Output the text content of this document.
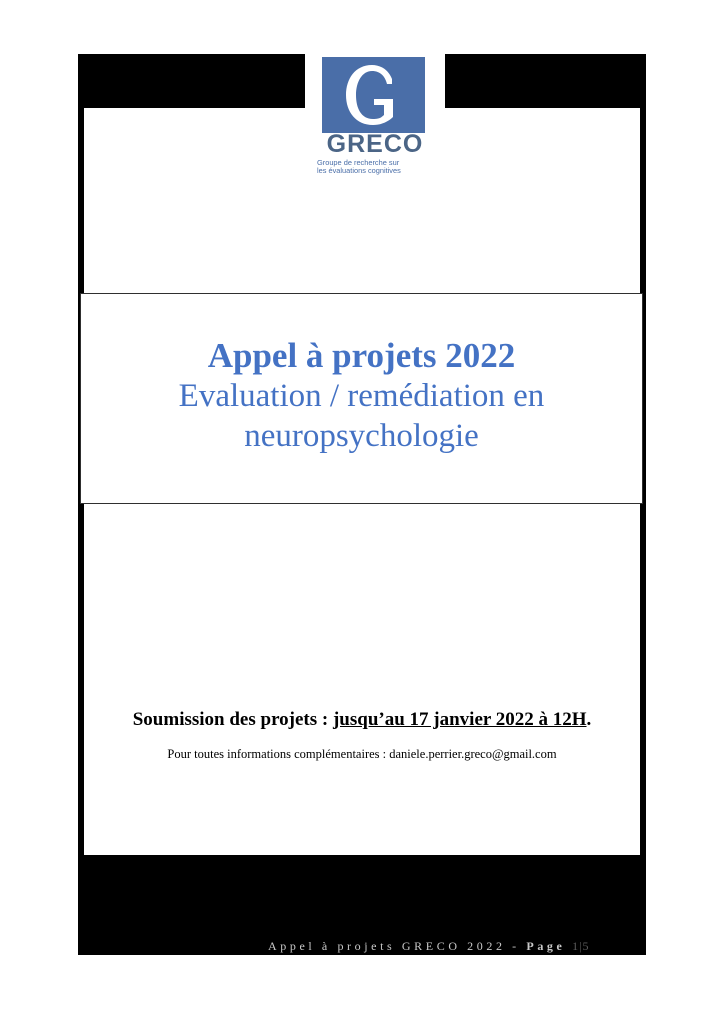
GRECO
Groupe de recherche sur
les évaluations cognitives
Appel à projets 2022
Evaluation / remédiation en
neuropsychologie
Soumission des projets : jusqu’au 17 janvier 2022 à 12H.
Pour toutes informations complémentaires : daniele.perrier.greco@gmail.com
Appel à projets GRECO 2022 - Page 1|5
